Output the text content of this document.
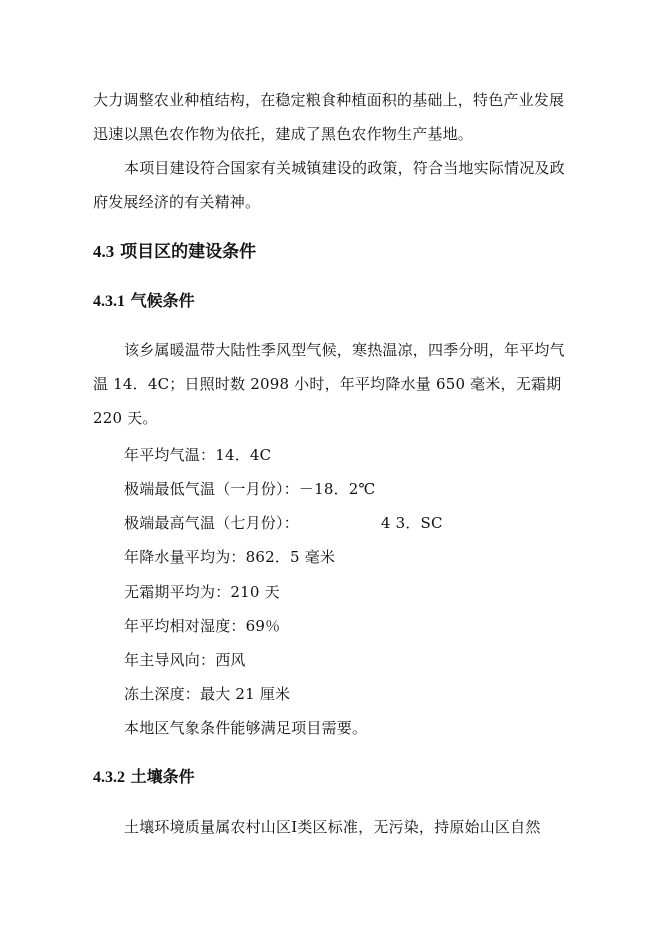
大力调整农业种植结构，在稳定粮食种植面积的基础上，特色产业发展迅速以黑色农作物为依托，建成了黑色农作物生产基地。
本项目建设符合国家有关城镇建设的政策，符合当地实际情况及政府发展经济的有关精神。
4.3 项目区的建设条件
4.3.1 气候条件
该乡属暖温带大陆性季风型气候，寒热温凉，四季分明，年平均气温 14．4C；日照时数 2098 小时，年平均降水量 650 毫米，无霜期 220 天。
年平均气温：14．4C
极端最低气温（一月份）：－18．2℃
极端最高气温（七月份）：	4 3．SC
年降水量平均为：862．5 毫米
无霜期平均为：210 天
年平均相对湿度：69％
年主导风向：西风
冻土深度：最大 21 厘米
本地区气象条件能够满足项目需要。
4.3.2 土壤条件
土壤环境质量属农村山区Ⅰ类区标准，无污染，持原始山区自然
